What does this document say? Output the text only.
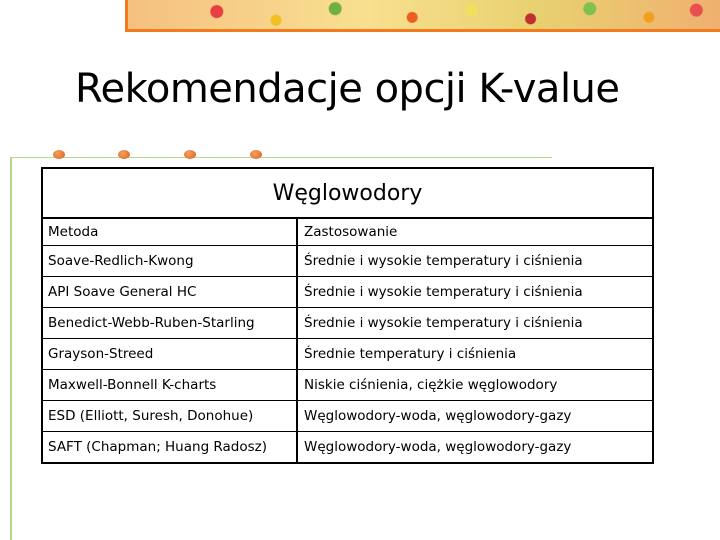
Rekomendacje opcji K-value
Węglowodory
Metoda	Zastosowanie
Soave-Redlich-Kwong	Średnie i wysokie temperatury i ciśnienia
API Soave General HC	Średnie i wysokie temperatury i ciśnienia
Benedict-Webb-Ruben-Starling	Średnie i wysokie temperatury i ciśnienia
Grayson-Streed	Średnie temperatury i ciśnienia
Maxwell-Bonnell K-charts	Niskie ciśnienia, ciężkie węglowodory
ESD (Elliott, Suresh, Donohue)	Węglowodory-woda, węglowodory-gazy
SAFT (Chapman; Huang Radosz)	Węglowodory-woda, węglowodory-gazy
